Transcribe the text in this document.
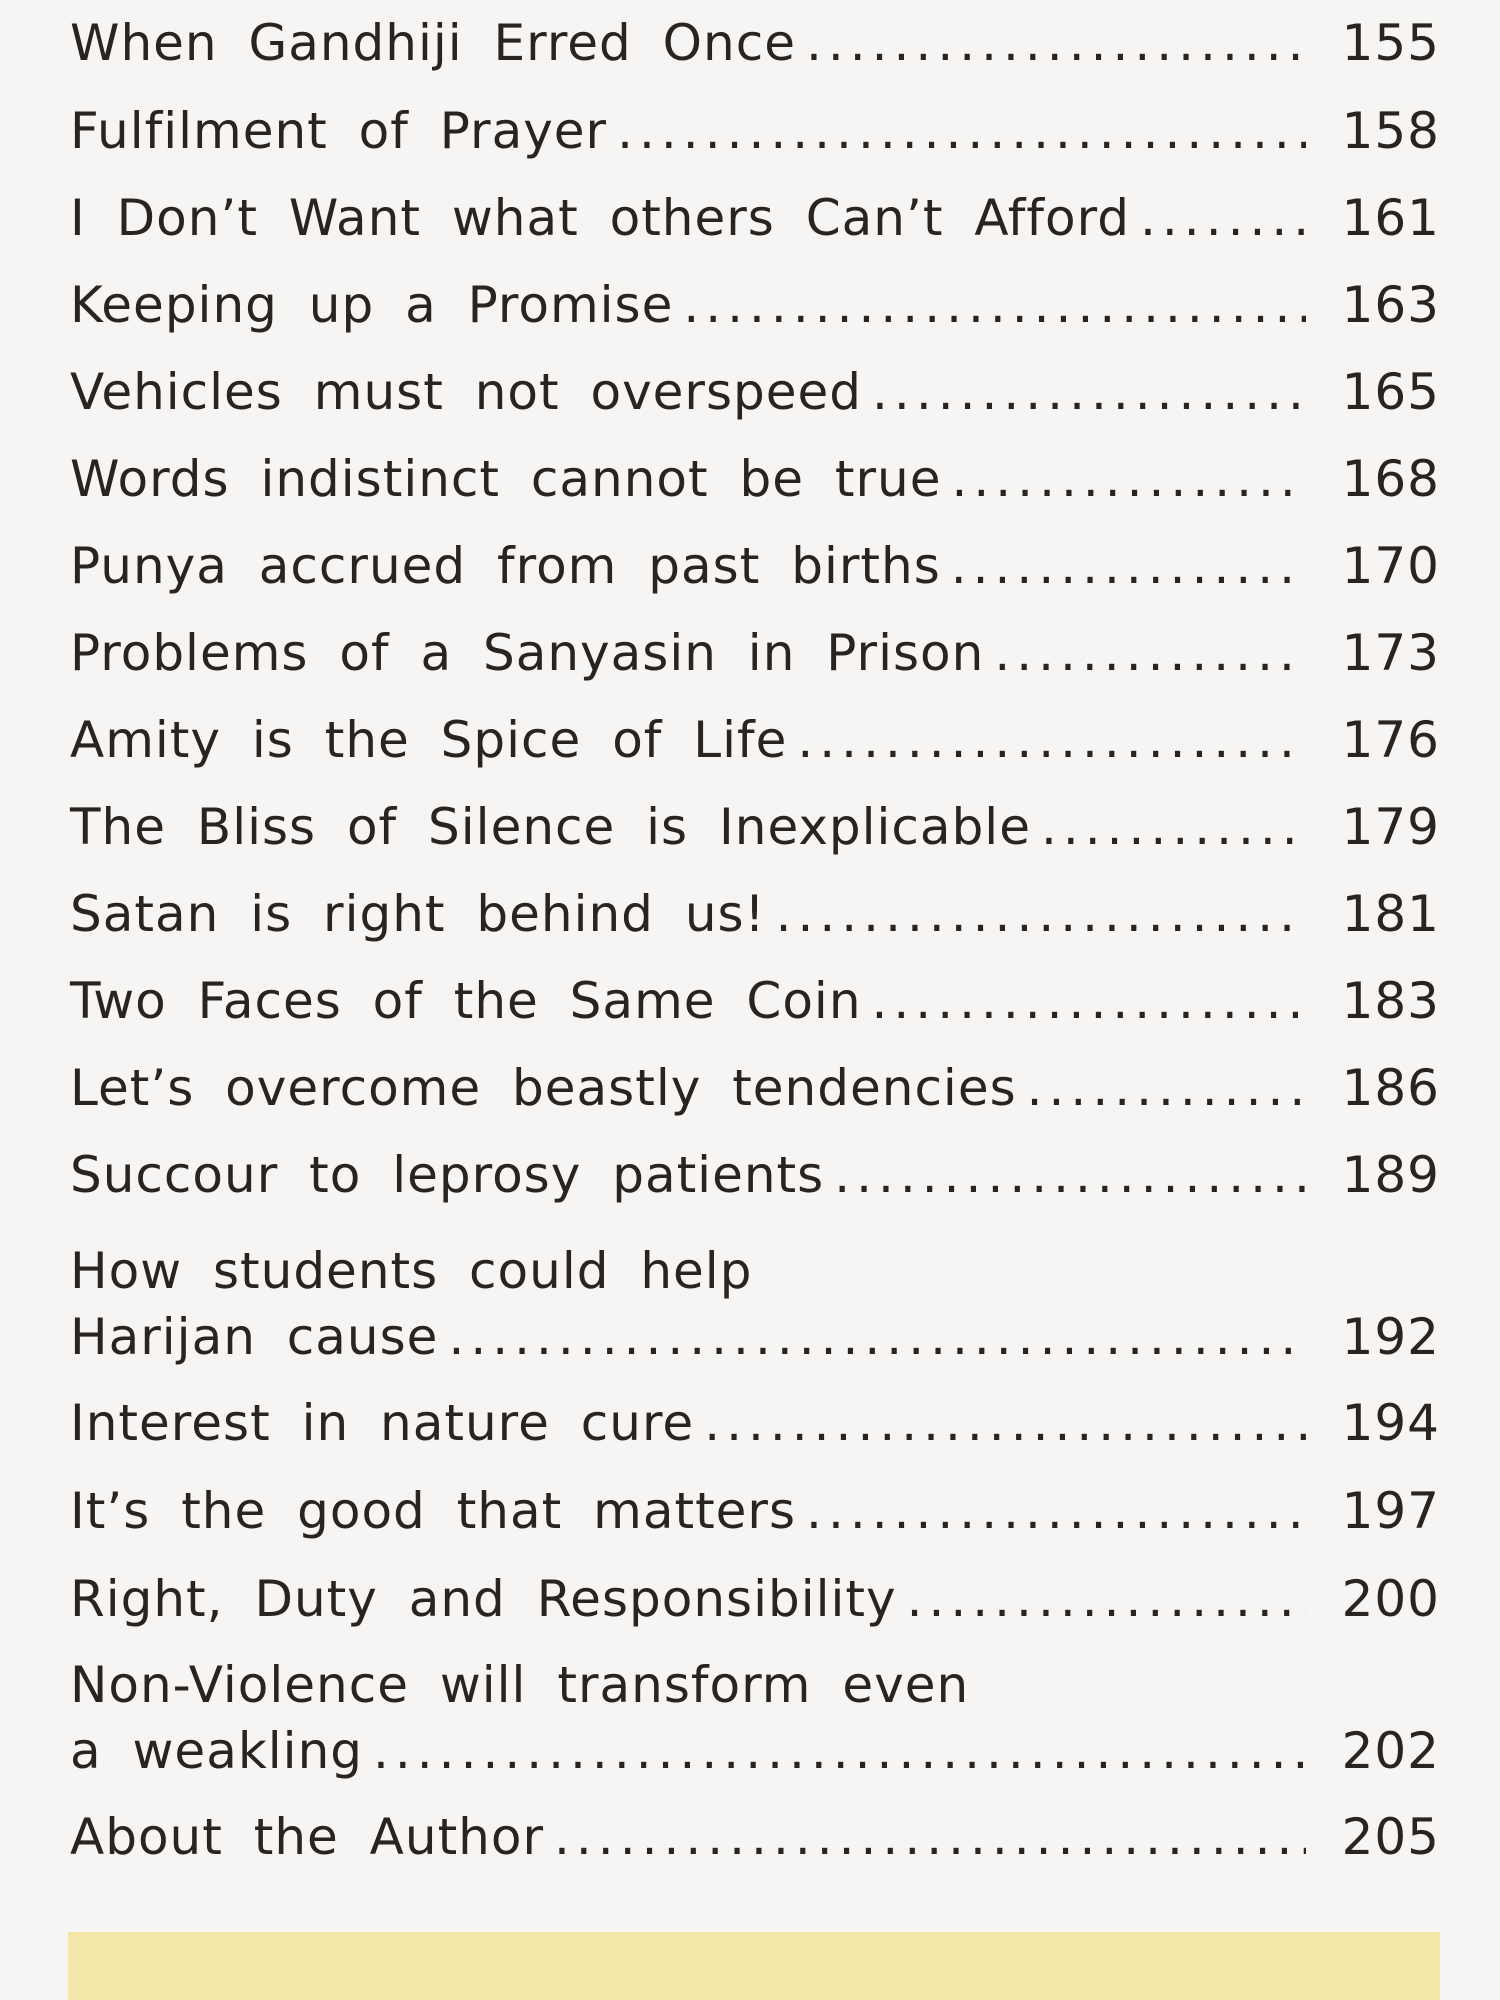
When Gandhiji Erred Once .....	155
Fulfilment of Prayer .....	158
I Don’t Want what others Can’t Afford .....	161
Keeping up a Promise .....	163
Vehicles must not overspeed .....	165
Words indistinct cannot be true .....	168
Punya accrued from past births .....	170
Problems of a Sanyasin in Prison .....	173
Amity is the Spice of Life .....	176
The Bliss of Silence is Inexplicable .....	179
Satan is right behind us! .....	181
Two Faces of the Same Coin .....	183
Let’s overcome beastly tendencies .....	186
Succour to leprosy patients .....	189
How students could help
Harijan cause .....	192
Interest in nature cure .....	194
It’s the good that matters .....	197
Right, Duty and Responsibility .....	200
Non-Violence will transform even
a weakling .....	202
About the Author .....	205
